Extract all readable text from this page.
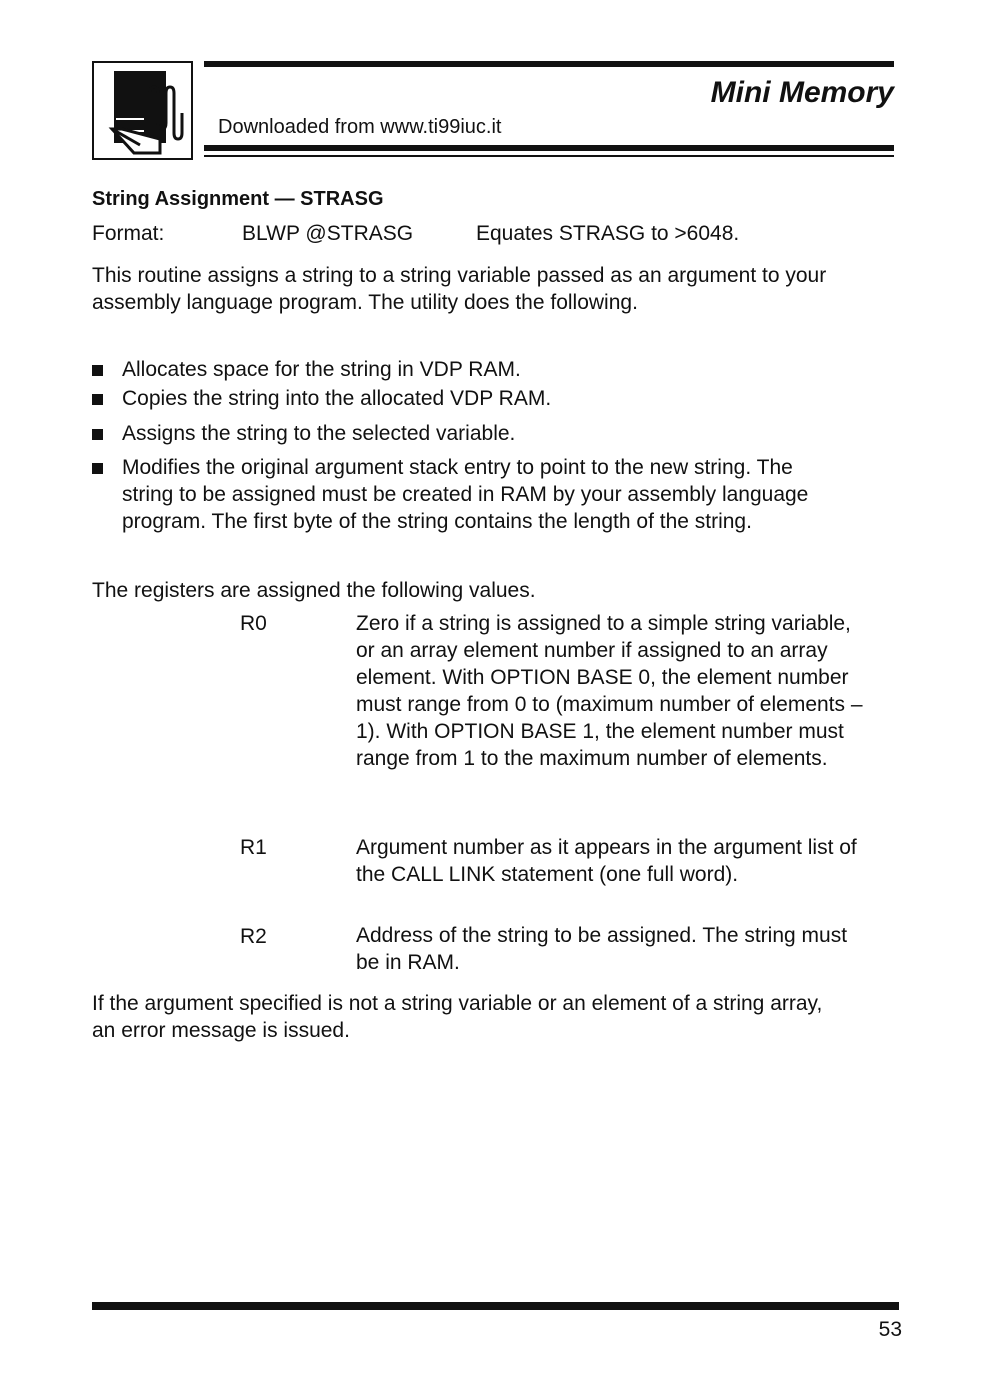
Mini Memory
Downloaded from www.ti99iuc.it
String Assignment — STRASG
Format:	BLWP @STRASG	Equates STRASG to >6048.
This routine assigns a string to a string variable passed as an argument to your assembly language program. The utility does the following.
Allocates space for the string in VDP RAM.
Copies the string into the allocated VDP RAM.
Assigns the string to the selected variable.
Modifies the original argument stack entry to point to the new string. The string to be assigned must be created in RAM by your assembly language program. The first byte of the string contains the length of the string.
The registers are assigned the following values.
R0	Zero if a string is assigned to a simple string variable, or an array element number if assigned to an array element. With OPTION BASE 0, the element number must range from 0 to (maximum number of elements – 1). With OPTION BASE 1, the element number must range from 1 to the maximum number of elements.
R1	Argument number as it appears in the argument list of the CALL LINK statement (one full word).
R2	Address of the string to be assigned. The string must be in RAM.
If the argument specified is not a string variable or an element of a string array, an error message is issued.
53
